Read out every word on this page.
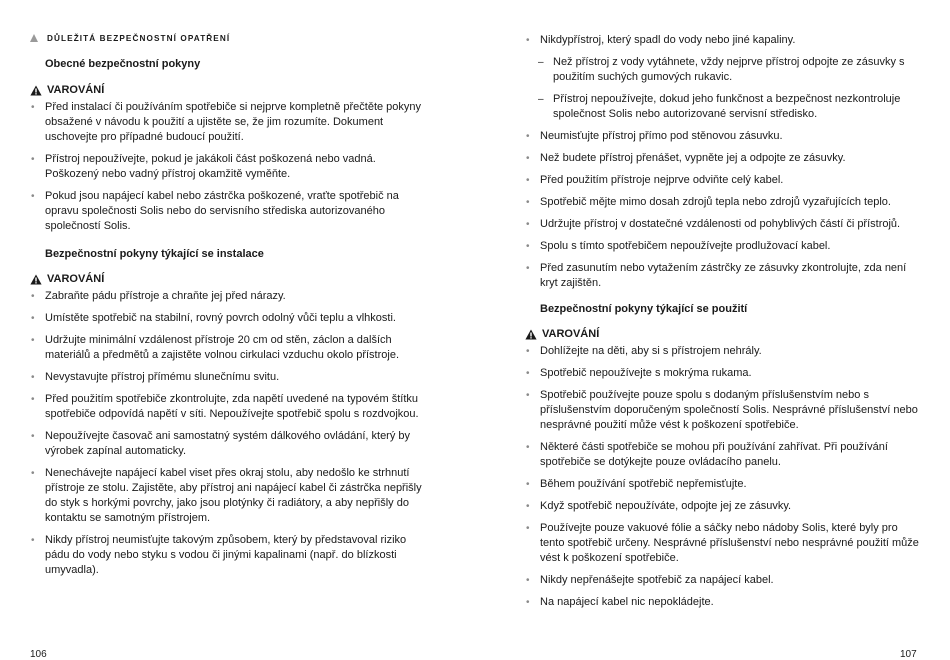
DŮLEŽITÁ BEZPEČNOSTNÍ OPATŘENÍ
Obecné bezpečnostní pokyny
VAROVÁNÍ
• Před instalací či používáním spotřebiče si nejprve kompletně přečtěte pokyny obsažené v návodu k použití a ujistěte se, že jim rozumíte. Dokument uschovejte pro případné budoucí použití.
• Přístroj nepoužívejte, pokud je jakákoli část poškozená nebo vadná. Poškozený nebo vadný přístroj okamžitě vyměňte.
• Pokud jsou napájecí kabel nebo zástrčka poškozené, vraťte spotřebič na opravu společnosti Solis nebo do servisního střediska autorizovaného společností Solis.
Bezpečnostní pokyny týkající se instalace
VAROVÁNÍ
• Zabraňte pádu přístroje a chraňte jej před nárazy.
• Umístěte spotřebič na stabilní, rovný povrch odolný vůči teplu a vlhkosti.
• Udržujte minimální vzdálenost přístroje 20 cm od stěn, záclon a dalších materiálů a předmětů a zajistěte volnou cirkulaci vzduchu okolo přístroje.
• Nevystavujte přístroj přímému slunečnímu svitu.
• Před použitím spotřebiče zkontrolujte, zda napětí uvedené na typovém štítku spotřebiče odpovídá napětí v síti. Nepoužívejte spotřebič spolu s rozdvojkou.
• Nepoužívejte časovač ani samostatný systém dálkového ovládání, který by výrobek zapínal automaticky.
• Nenechávejte napájecí kabel viset přes okraj stolu, aby nedošlo ke strhnutí přístroje ze stolu. Zajistěte, aby přístroj ani napájecí kabel či zástrčka nepřišly do styk s horkými povrchy, jako jsou plotýnky či radiátory, a aby nepřišly do kontaktu se samotným přístrojem.
• Nikdy přístroj neumisťujte takovým způsobem, který by představoval riziko pádu do vody nebo styku s vodou či jinými kapalinami (např. do blízkosti umyvadla).
106	107
• Nikdypřístroj, který spadl do vody nebo jiné kapaliny.
– Než přístroj z vody vytáhnete, vždy nejprve přístroj odpojte ze zásuvky s použitím suchých gumových rukavic.
– Přístroj nepoužívejte, dokud jeho funkčnost a bezpečnost nezkontroluje společnost Solis nebo autorizované servisní středisko.
• Neumisťujte přístroj přímo pod stěnovou zásuvku.
• Než budete přístroj přenášet, vypněte jej a odpojte ze zásuvky.
• Před použitím přístroje nejprve odviňte celý kabel.
• Spotřebič mějte mimo dosah zdrojů tepla nebo zdrojů vyzařujících teplo.
• Udržujte přístroj v dostatečné vzdálenosti od pohyblivých částí či přístrojů.
• Spolu s tímto spotřebičem nepoužívejte prodlužovací kabel.
• Před zasunutím nebo vytažením zástrčky ze zásuvky zkontrolujte, zda není kryt zajištěn.
Bezpečnostní pokyny týkající se použití
VAROVÁNÍ
• Dohlížejte na děti, aby si s přístrojem nehrály.
• Spotřebič nepoužívejte s mokrýma rukama.
• Spotřebič používejte pouze spolu s dodaným příslušenstvím nebo s příslušenstvím doporučeným společností Solis. Nesprávné příslušenství nebo nesprávné použití může vést k poškození spotřebiče.
• Některé části spotřebiče se mohou při používání zahřívat. Při používání spotřebiče se dotýkejte pouze ovládacího panelu.
• Během používání spotřebič nepřemisťujte.
• Když spotřebič nepoužíváte, odpojte jej ze zásuvky.
• Používejte pouze vakuové fólie a sáčky nebo nádoby Solis, které byly pro tento spotřebič určeny. Nesprávné příslušenství nebo nesprávné použití může vést k poškození spotřebiče.
• Nikdy nepřenášejte spotřebič za napájecí kabel.
• Na napájecí kabel nic nepokládejte.
